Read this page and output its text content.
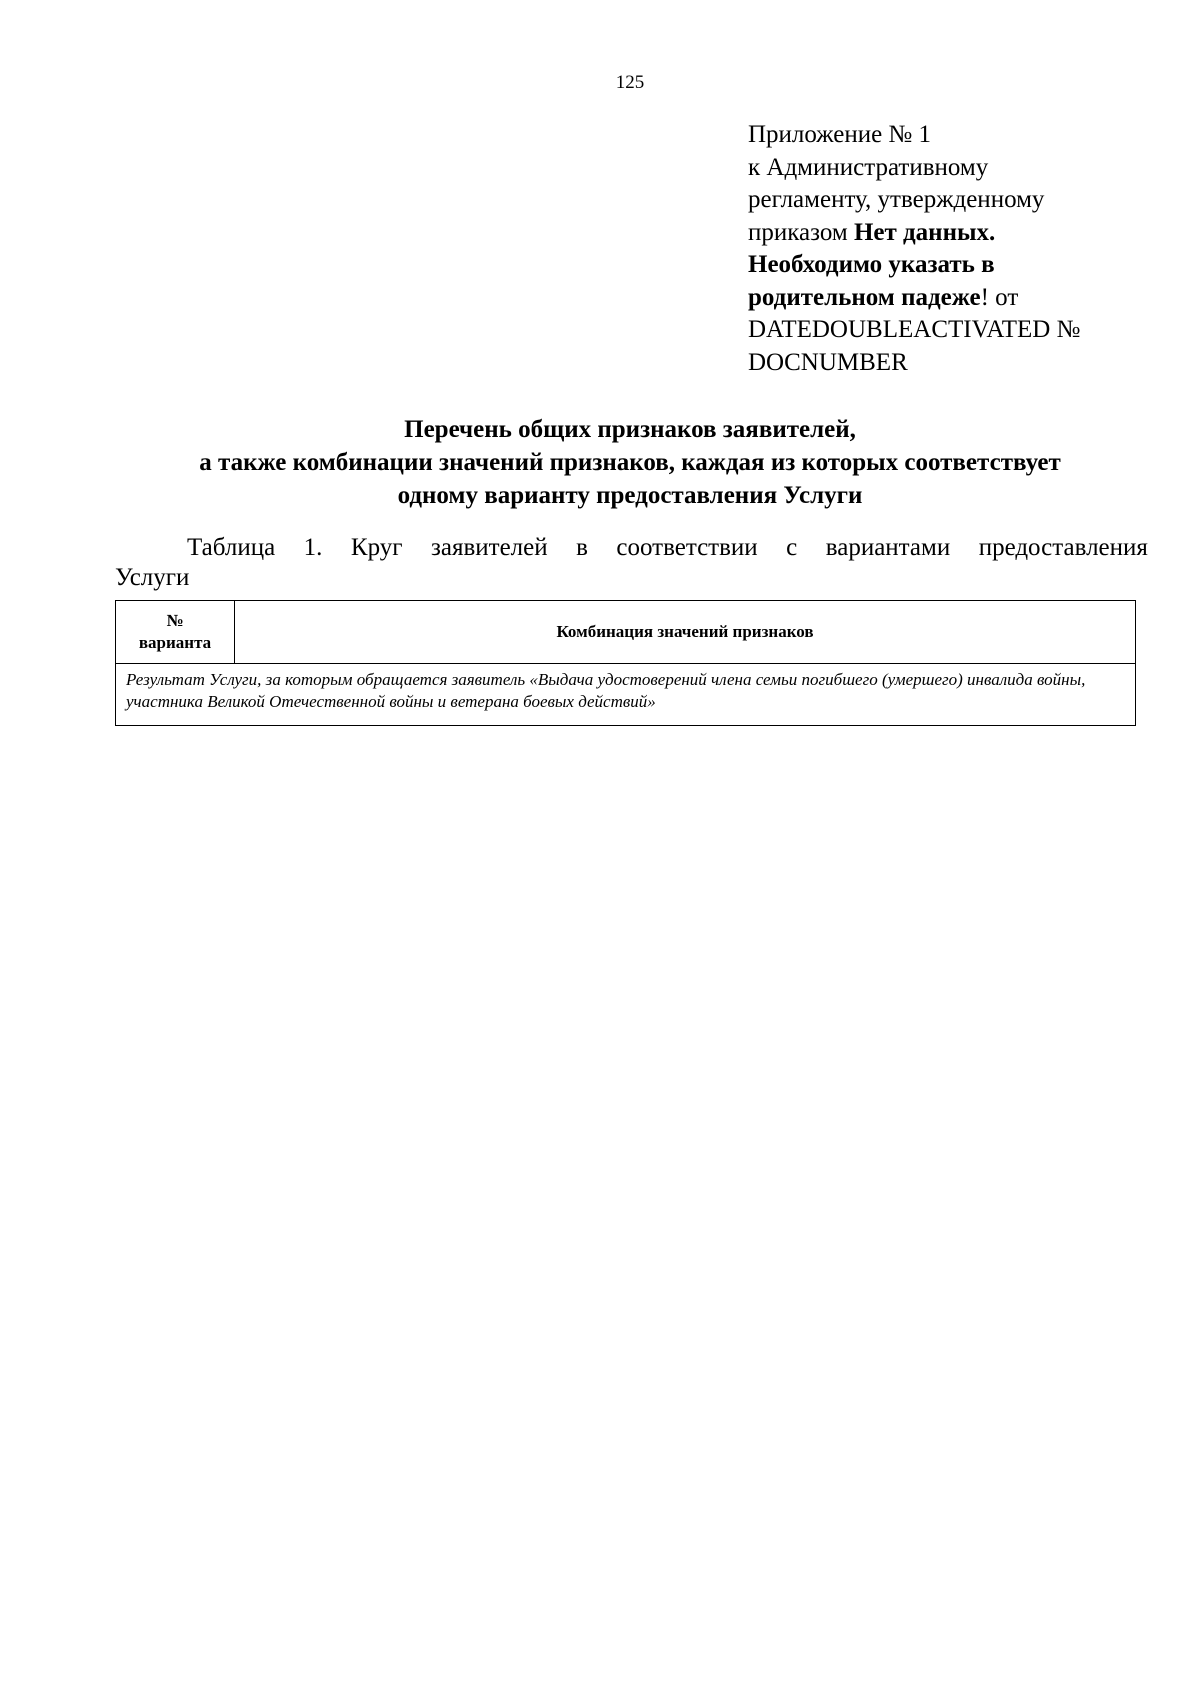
125
Приложение № 1
к Административному
регламенту, утвержденному
приказом Нет данных.
Необходимо указать в
родительном падеже! от
DATEDOUBLEACTIVATED №
DOCNUMBER
Перечень общих признаков заявителей,
а также комбинации значений признаков, каждая из которых соответствует
одному варианту предоставления Услуги
Таблица 1. Круг заявителей в соответствии с вариантами предоставления
Услуги
№
варианта
	Комбинация значений признаков
Результат Услуги, за которым обращается заявитель «Выдача удостоверений члена семьи погибшего (умершего) инвалида войны, участника Великой Отечественной войны и ветерана боевых действий»
